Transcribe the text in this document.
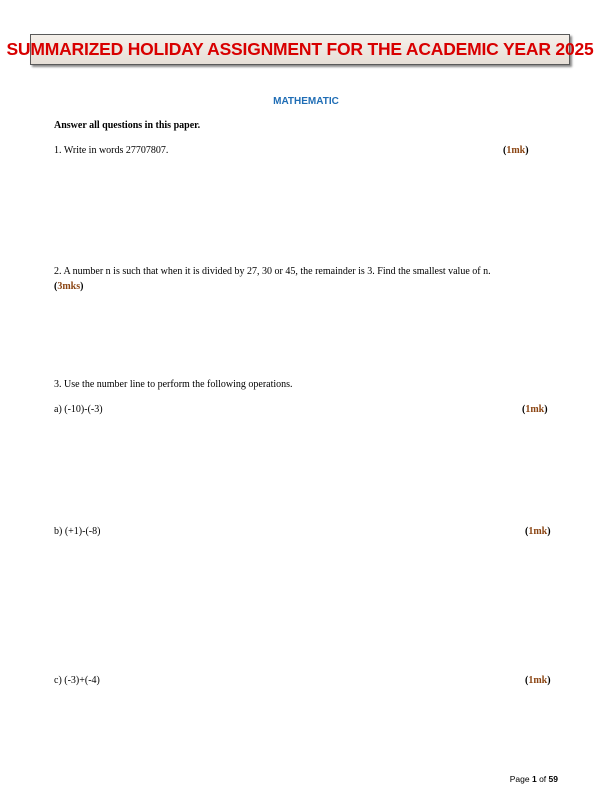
SUMMARIZED HOLIDAY ASSIGNMENT FOR THE ACADEMIC YEAR 2025
MATHEMATIC
Answer all questions in this paper.
1. Write in words 27707807.	(1mk)
2. A number n is such that when it is divided by 27, 30 or 45, the remainder is 3. Find the smallest value of n.
(3mks)
3. Use the number line to perform the following operations.
a) (-10)-(-3)	(1mk)
b) (+1)-(-8)	(1mk)
c) (-3)+(-4)	(1mk)
Page 1 of 59
